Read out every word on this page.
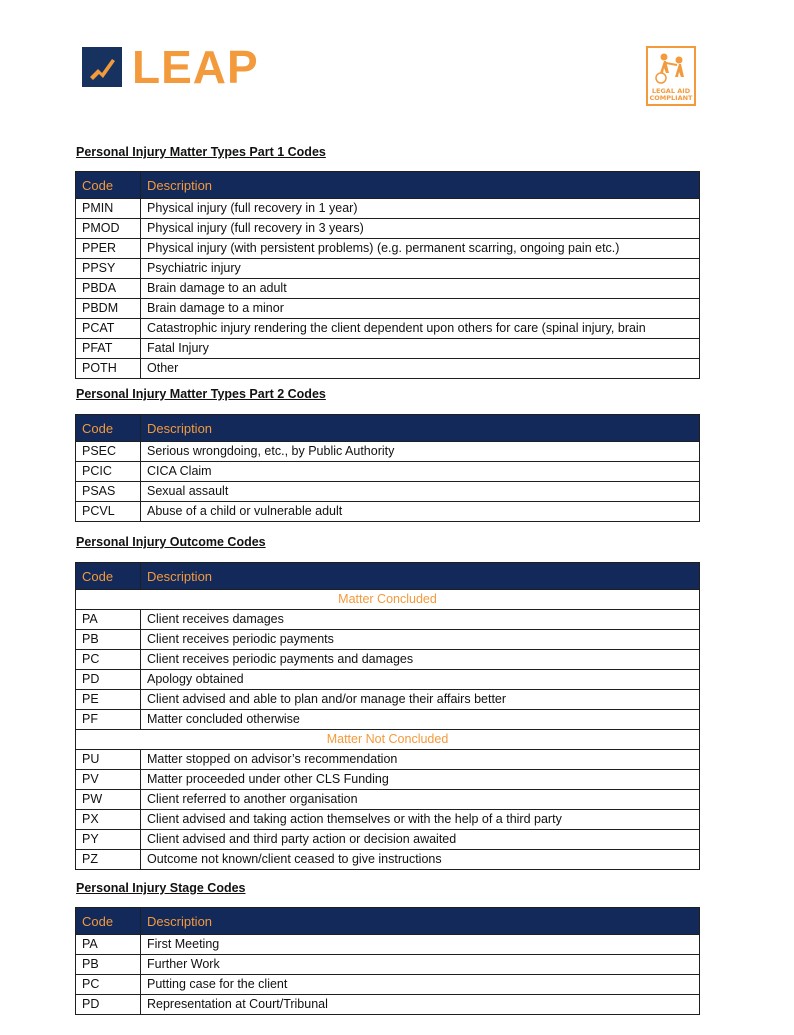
LEAP	LEGAL AID COMPLIANT
Personal Injury Matter Types Part 1 Codes
Code	Description
PMIN	Physical injury (full recovery in 1 year)
PMOD	Physical injury (full recovery in 3 years)
PPER	Physical injury (with persistent problems) (e.g. permanent scarring, ongoing pain etc.)
PPSY	Psychiatric injury
PBDA	Brain damage to an adult
PBDM	Brain damage to a minor
PCAT	Catastrophic injury rendering the client dependent upon others for care (spinal injury, brain
PFAT	Fatal Injury
POTH	Other
Personal Injury Matter Types Part 2 Codes
Code	Description
PSEC	Serious wrongdoing, etc., by Public Authority
PCIC	CICA Claim
PSAS	Sexual assault
PCVL	Abuse of a child or vulnerable adult
Personal Injury Outcome Codes
Code	Description
Matter Concluded	
PA	Client receives damages
PB	Client receives periodic payments
PC	Client receives periodic payments and damages
PD	Apology obtained
PE	Client advised and able to plan and/or manage their affairs better
PF	Matter concluded otherwise
Matter Not Concluded	
PU	Matter stopped on advisor’s recommendation
PV	Matter proceeded under other CLS Funding
PW	Client referred to another organisation
PX	Client advised and taking action themselves or with the help of a third party
PY	Client advised and third party action or decision awaited
PZ	Outcome not known/client ceased to give instructions
Personal Injury Stage Codes
Code	Description
PA	First Meeting
PB	Further Work
PC	Putting case for the client
PD	Representation at Court/Tribunal
